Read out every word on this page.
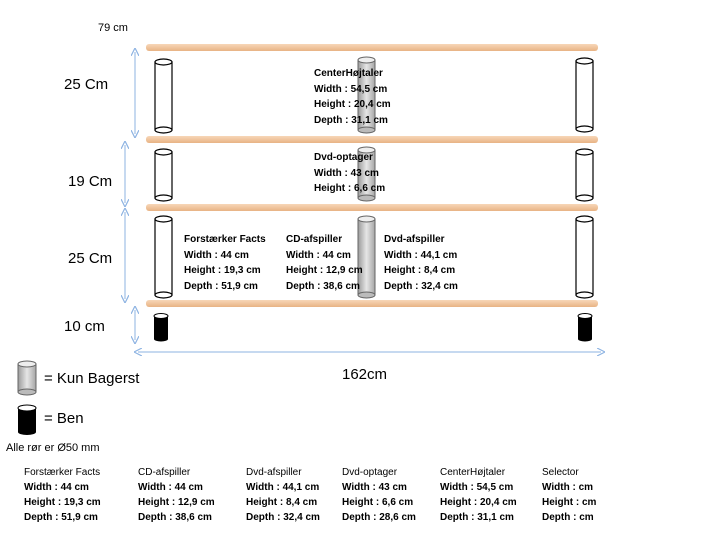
79 cm
25 Cm
19 Cm
25 Cm
10 cm
162cm
CenterHøjtaler
Width : 54,5 cm
Height : 20,4 cm
Depth : 31,1 cm
Dvd-optager
Width : 43 cm
Height : 6,6 cm
Forstærker Facts
Width : 44 cm
Height : 19,3 cm
Depth : 51,9 cm
CD-afspiller
Width : 44 cm
Height : 12,9 cm
Depth : 38,6 cm
Dvd-afspiller
Width : 44,1 cm
Height : 8,4 cm
Depth : 32,4 cm
= Kun Bagerst
= Ben
Alle rør er Ø50 mm
Forstærker Facts
Width : 44 cm
Height : 19,3 cm
Depth : 51,9 cm
CD-afspiller
Width : 44 cm
Height : 12,9 cm
Depth : 38,6 cm
Dvd-afspiller
Width : 44,1 cm
Height : 8,4 cm
Depth : 32,4 cm
Dvd-optager
Width : 43 cm
Height : 6,6 cm
Depth : 28,6 cm
CenterHøjtaler
Width : 54,5 cm
Height : 20,4 cm
Depth : 31,1 cm
Selector
Width : cm
Height : cm
Depth : cm
